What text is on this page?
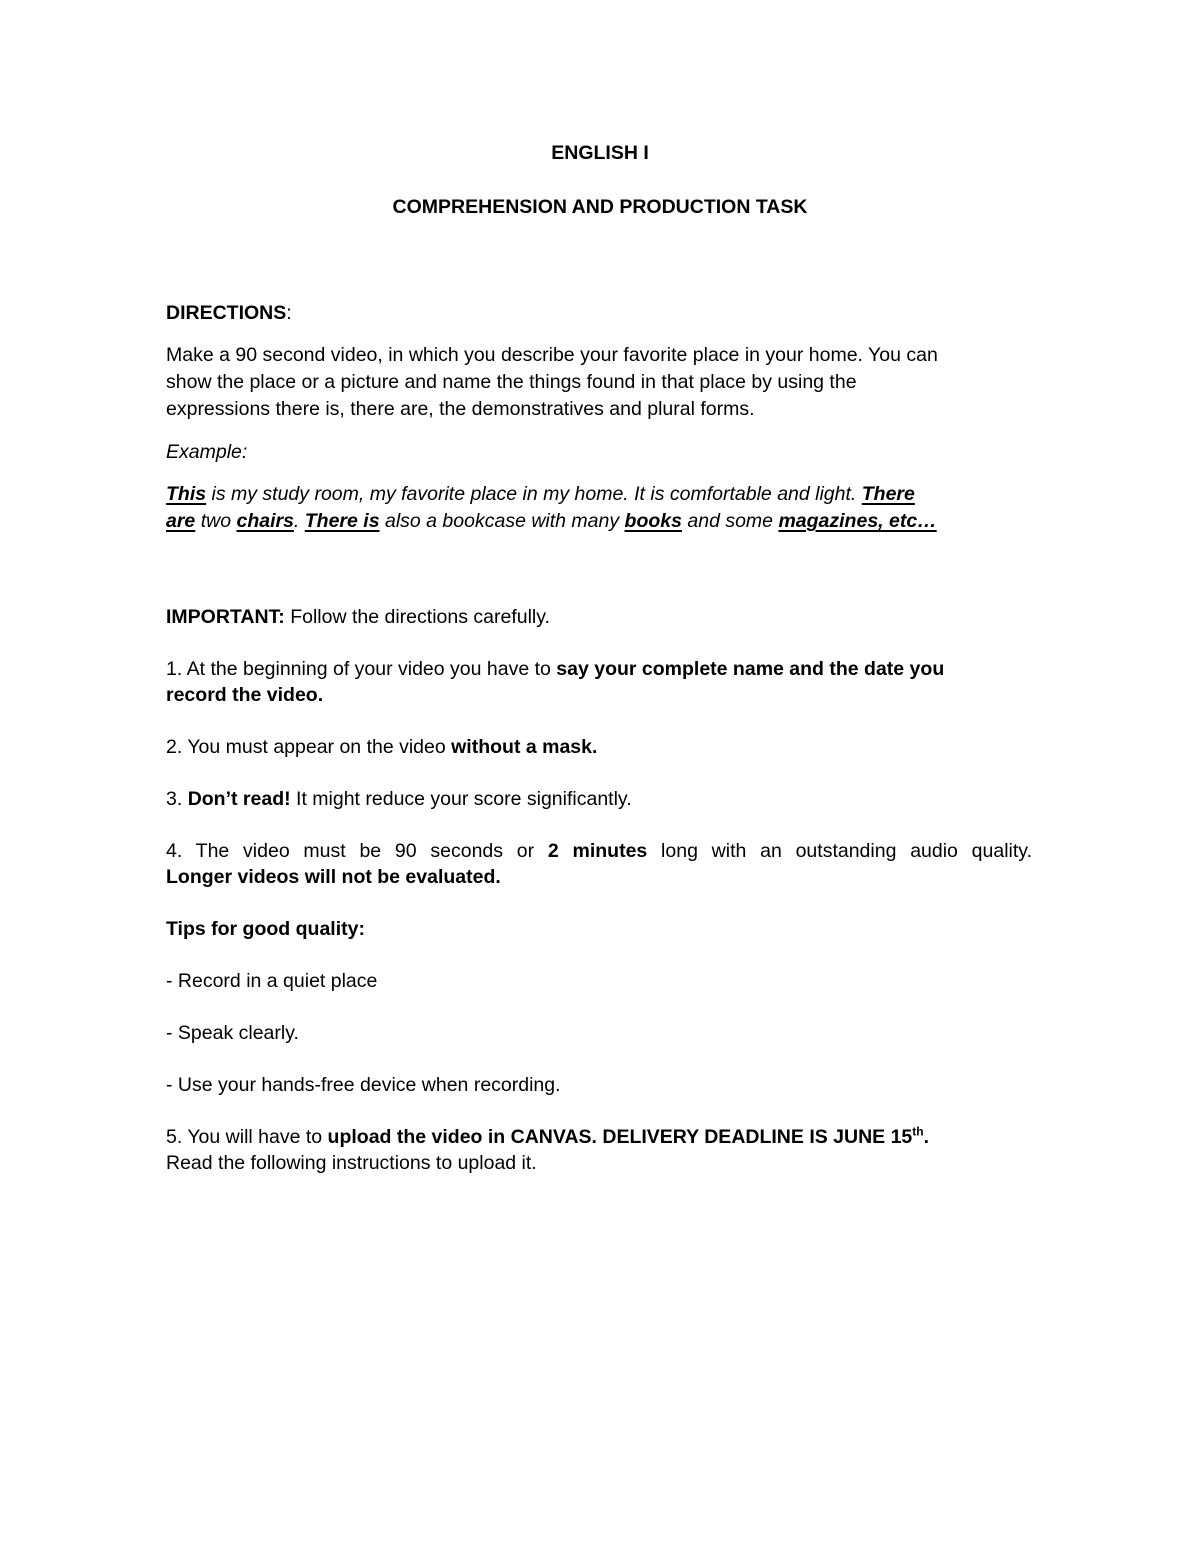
ENGLISH I
COMPREHENSION AND PRODUCTION TASK
DIRECTIONS:
Make a 90 second video, in which you describe your favorite place in your home. You can
show the place or a picture and name the things found in that place by using the
expressions there is, there are, the demonstratives and plural forms.
Example:
This is my study room, my favorite place in my home. It is comfortable and light. There
are two chairs. There is also a bookcase with many books and some magazines, etc…
IMPORTANT: Follow the directions carefully.
1. At the beginning of your video you have to say your complete name and the date you
record the video.
2. You must appear on the video without a mask.
3. Don’t read! It might reduce your score significantly.
4. The video must be 90 seconds or 2 minutes long with an outstanding audio quality.
Longer videos will not be evaluated.
Tips for good quality:
- Record in a quiet place
- Speak clearly.
- Use your hands-free device when recording.
5. You will have to upload the video in CANVAS. DELIVERY DEADLINE IS JUNE 15th.
Read the following instructions to upload it.
